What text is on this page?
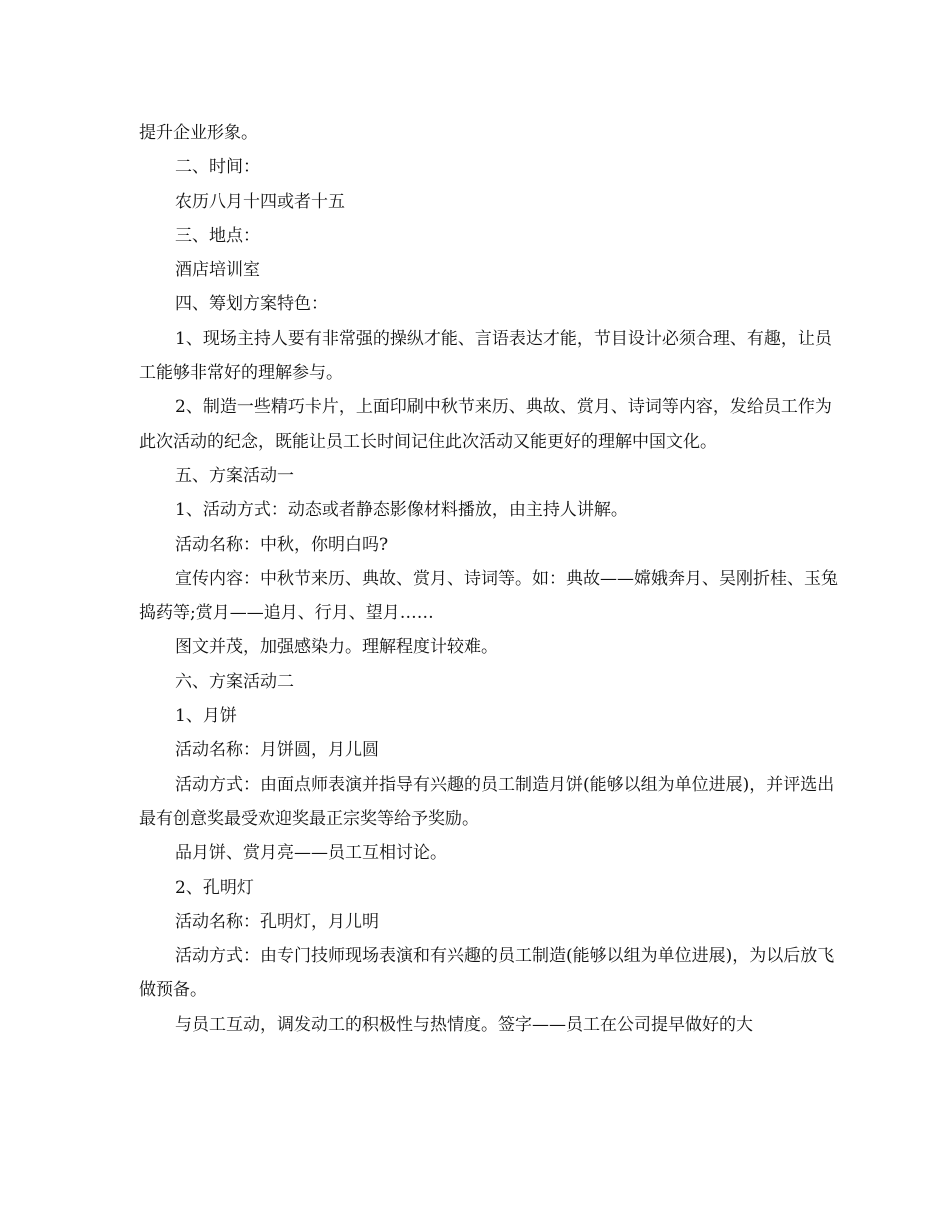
提升企业形象。

二、时间：

农历八月十四或者十五

三、地点：

酒店培训室

四、筹划方案特色：

1、现场主持人要有非常强的操纵才能、言语表达才能，节目设计必须合理、有趣，让员工能够非常好的理解参与。

2、制造一些精巧卡片，上面印刷中秋节来历、典故、赏月、诗词等内容，发给员工作为此次活动的纪念，既能让员工长时间记住此次活动又能更好的理解中国文化。

五、方案活动一

1、活动方式：动态或者静态影像材料播放，由主持人讲解。

活动名称：中秋，你明白吗?

宣传内容：中秋节来历、典故、赏月、诗词等。如：典故——嫦娥奔月、吴刚折桂、玉兔捣药等;赏月——追月、行月、望月……

图文并茂，加强感染力。理解程度计较难。

六、方案活动二

1、月饼

活动名称：月饼圆，月儿圆

活动方式：由面点师表演并指导有兴趣的员工制造月饼(能够以组为单位进展)，并评选出最有创意奖最受欢迎奖最正宗奖等给予奖励。

品月饼、赏月亮——员工互相讨论。

2、孔明灯

活动名称：孔明灯，月儿明

活动方式：由专门技师现场表演和有兴趣的员工制造(能够以组为单位进展)，为以后放飞做预备。

与员工互动，调发动工的积极性与热情度。签字——员工在公司提早做好的大
